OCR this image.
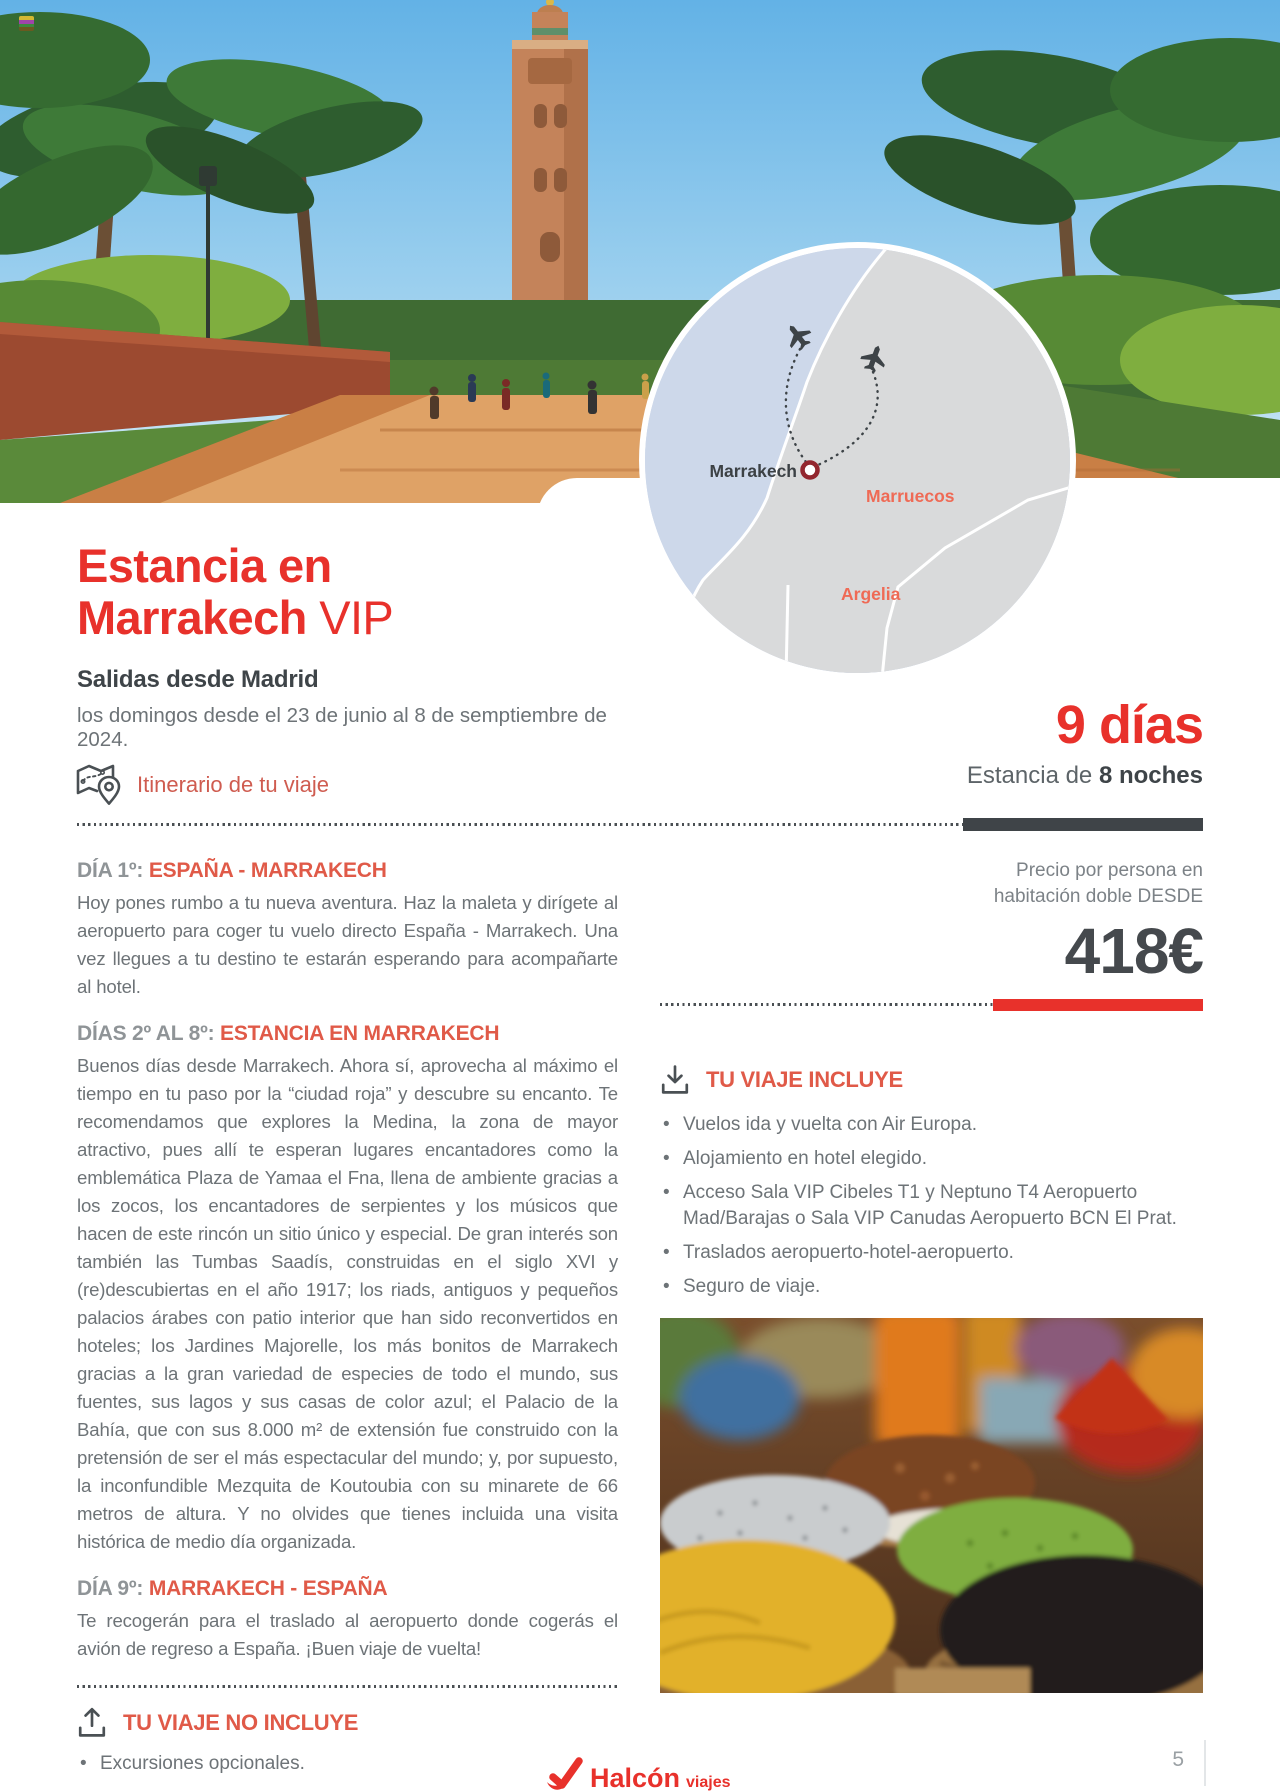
Marrakech
Marruecos
Argelia
Estancia en
Marrakech VIP
Salidas desde Madrid
los domingos desde el 23 de junio al 8 de semptiembre de 2024.	9 días
Estancia de 8 noches
Itinerario de tu viaje
DÍA 1º: ESPAÑA - MARRAKECH

Hoy pones rumbo a tu nueva aventura. Haz la maleta y dirígete al aeropuerto para coger tu vuelo directo España - Marrakech. Una vez llegues a tu destino te estarán esperando para acompañarte al hotel.

DÍAS 2º AL 8º: ESTANCIA EN MARRAKECH

Buenos días desde Marrakech. Ahora sí, aprovecha al máximo el tiempo en tu paso por la “ciudad roja” y descubre su encanto. Te recomendamos que explores la Medina, la zona de mayor atractivo, pues allí te esperan lugares encantadores como la emblemática Plaza de Yamaa el Fna, llena de ambiente gracias a los zocos, los encantadores de serpientes y los músicos que hacen de este rincón un sitio único y especial. De gran interés son también las Tumbas Saadís, construidas en el siglo XVI y (re)descubiertas en el año 1917; los riads, antiguos y pequeños palacios árabes con patio interior que han sido reconvertidos en hoteles; los Jardines Majorelle, los más bonitos de Marrakech gracias a la gran variedad de especies de todo el mundo, sus fuentes, sus lagos y sus casas de color azul; el Palacio de la Bahía, que con sus 8.000 m² de extensión fue construido con la pretensión de ser el más espectacular del mundo; y, por supuesto, la inconfundible Mezquita de Koutoubia con su minarete de 66 metros de altura. Y no olvides que tienes incluida una visita histórica de medio día organizada.

DÍA 9º: MARRAKECH - ESPAÑA

Te recogerán para el traslado al aeropuerto donde cogerás el avión de regreso a España. ¡Buen viaje de vuelta!

TU VIAJE NO INCLUYE
• Excursiones opcionales.
Precio por persona en
habitación doble DESDE
418€
TU VIAJE INCLUYE
• Vuelos ida y vuelta con Air Europa.
• Alojamiento en hotel elegido.
• Acceso Sala VIP Cibeles T1 y Neptuno T4 Aeropuerto Mad/Barajas o Sala VIP Canudas Aeropuerto BCN El Prat.
• Traslados aeropuerto-hotel-aeropuerto.
• Seguro de viaje.
Halcón viajes
5
